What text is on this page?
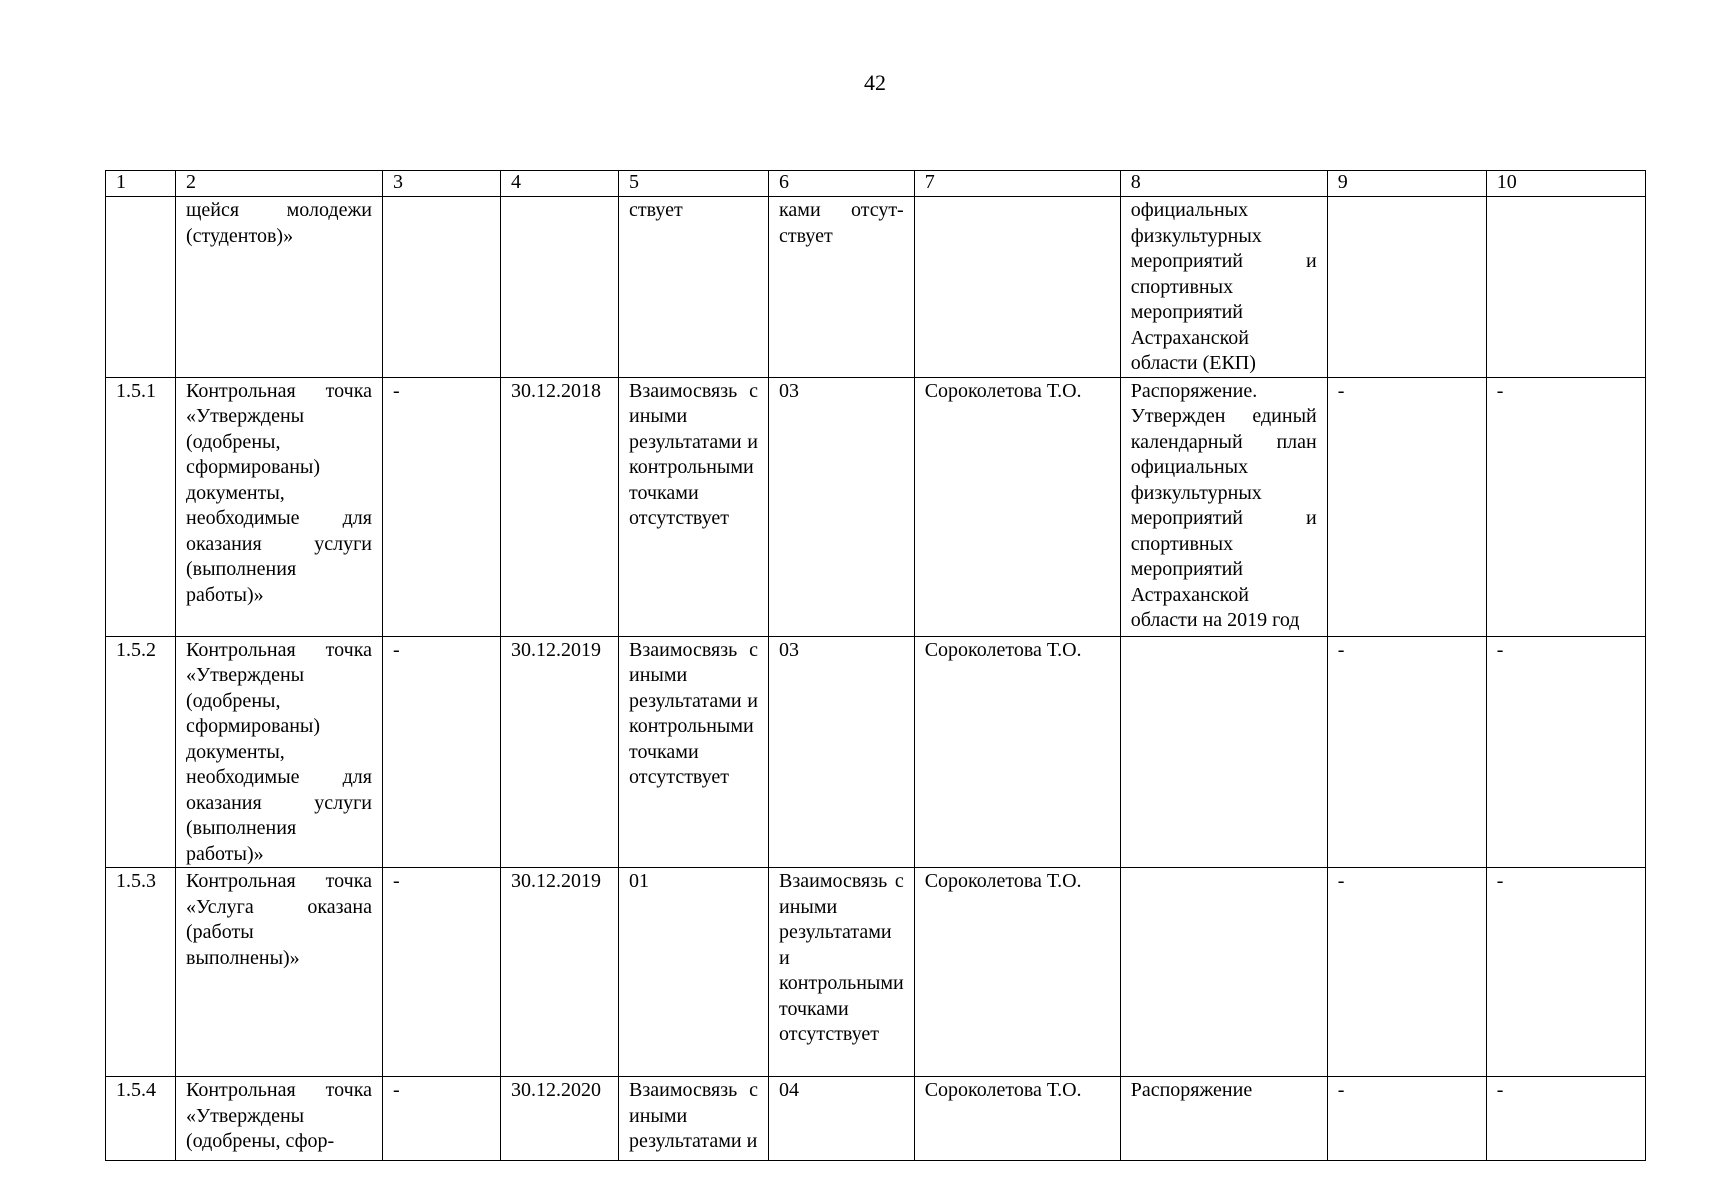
42
1	2	3	4	5	6	7	8	9	10
	щейся молодежи (студентов)»			ствует	ками отсут-ствует		официальных физкультурных мероприятий и спортивных мероприятий Астраханской области (ЕКП)		
1.5.1	Контрольная точка «Утверждены (одобрены, сформированы) документы, необходимые для оказания услуги (выполнения работы)»	-	30.12.2018	Взаимосвязь с иными результатами и контрольными точками отсутствует	03	Сороколетова Т.О.	Распоряжение. Утвержден единый календарный план официальных физкультурных мероприятий и спортивных мероприятий Астраханской области на 2019 год	-	-
1.5.2	Контрольная точка «Утверждены (одобрены, сформированы) документы, необходимые для оказания услуги (выполнения работы)»	-	30.12.2019	Взаимосвязь с иными результатами и контрольными точками отсутствует	03	Сороколетова Т.О.		-	-
1.5.3	Контрольная точка «Услуга оказана (работы выполнены)»	-	30.12.2019	01	Взаимосвязь с иными результатами и контрольными точками отсутствует	Сороколетова Т.О.		-	-
1.5.4	Контрольная точка «Утверждены (одобрены, сфор-	-	30.12.2020	Взаимосвязь с иными результатами и	04	Сороколетова Т.О.	Распоряжение	-	-
